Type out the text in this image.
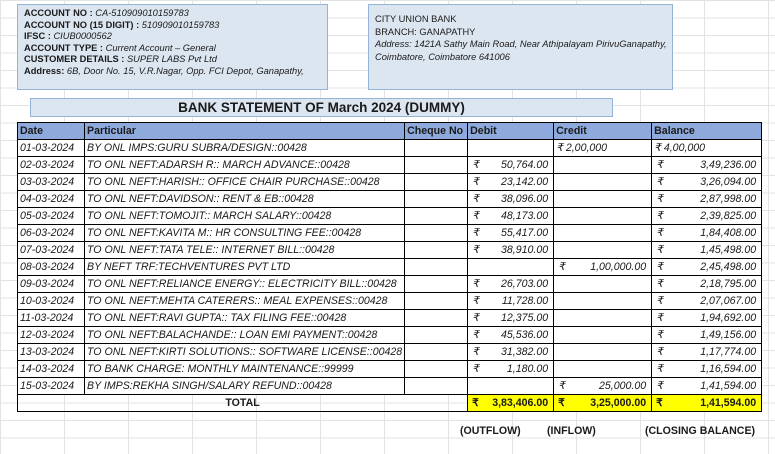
ACCOUNT NO : CA-510909010159783
ACCOUNT NO (15 DIGIT) : 510909010159783
IFSC : CIUB0000562
ACCOUNT TYPE : Current Account – General
CUSTOMER DETAILS : SUPER LABS Pvt Ltd
Address: 6B, Door No. 15, V.R.Nagar, Opp. FCI Depot, Ganapathy,
CITY UNION BANK
BRANCH: GANAPATHY
Address: 1421A Sathy Main Road, Near Athipalayam PirivuGanapathy,
Coimbatore, Coimbatore 641006
BANK STATEMENT OF March 2024 (DUMMY)
Date	Particular	Cheque No	Debit	Credit	Balance
01-03-2024	BY ONL IMPS:GURU SUBRA/DESIGN::00428			₹ 2,00,000	₹ 4,00,000
02-03-2024	TO ONL NEFT:ADARSH R:: MARCH ADVANCE::00428		₹ 50,764.00		₹ 3,49,236.00

03-03-2024	TO ONL NEFT:HARISH:: OFFICE CHAIR PURCHASE::00428		₹ 23,142.00		₹ 3,26,094.00

04-03-2024	TO ONL NEFT:DAVIDSON:: RENT & EB::00428		₹ 38,096.00		₹ 2,87,998.00

05-03-2024	TO ONL NEFT:TOMOJIT:: MARCH SALARY::00428		₹ 48,173.00		₹ 2,39,825.00

06-03-2024	TO ONL NEFT:KAVITA M:: HR CONSULTING FEE::00428		₹ 55,417.00		₹ 1,84,408.00

07-03-2024	TO ONL NEFT:TATA TELE:: INTERNET BILL::00428		₹ 38,910.00		₹ 1,45,498.00

08-03-2024	BY NEFT TRF:TECHVENTURES PVT LTD			₹ 1,00,000.00	₹ 2,45,498.00

09-03-2024	TO ONL NEFT:RELIANCE ENERGY:: ELECTRICITY BILL::00428		₹ 26,703.00		₹ 2,18,795.00

10-03-2024	TO ONL NEFT:MEHTA CATERERS:: MEAL EXPENSES::00428		₹ 11,728.00		₹ 2,07,067.00

11-03-2024	TO ONL NEFT:RAVI GUPTA:: TAX FILING FEE::00428		₹ 12,375.00		₹ 1,94,692.00

12-03-2024	TO ONL NEFT:BALACHANDE:: LOAN EMI PAYMENT::00428		₹ 45,536.00		₹ 1,49,156.00

13-03-2024	TO ONL NEFT:KIRTI SOLUTIONS:: SOFTWARE LICENSE::00428		₹ 31,382.00		₹ 1,17,774.00

14-03-2024	TO BANK CHARGE: MONTHLY MAINTENANCE::99999		₹ 1,180.00		₹ 1,16,594.00

15-03-2024	BY IMPS:REKHA SINGH/SALARY REFUND::00428			₹ 25,000.00	₹ 1,41,594.00

TOTAL			₹ 3,83,406.00	₹ 3,25,000.00	₹ 1,41,594.00
(OUTFLOW) (INFLOW)	(CLOSING BALANCE)
